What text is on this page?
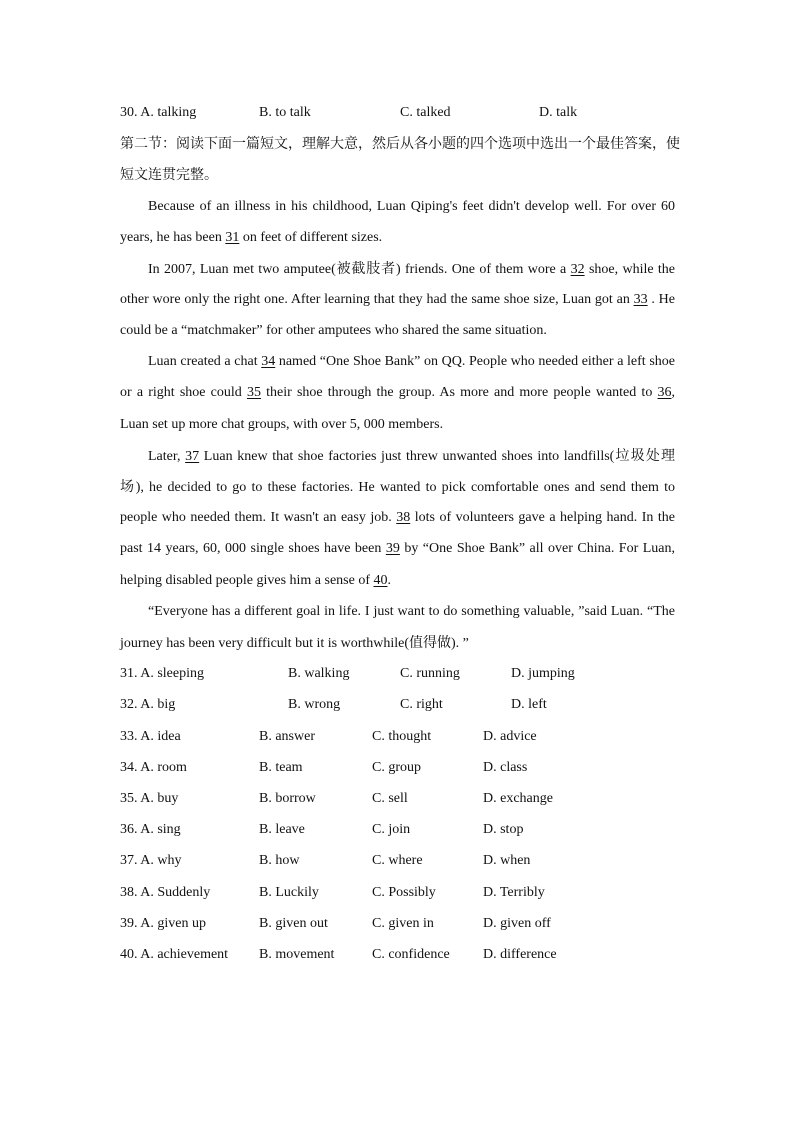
30. A. talking	B. to talk	C. talked	D. talk
第二节：阅读下面一篇短文，理解大意，然后从各小题的四个选项中选出一个最佳答案，使
短文连贯完整。
Because of an illness in his childhood, Luan Qiping's feet didn't develop well. For over 60
years, he has been 31 on feet of different sizes.
In 2007, Luan met two amputee(被截肢者) friends. One of them wore a 32 shoe, while the
other wore only the right one. After learning that they had the same shoe size, Luan got an 33 . He
could be a “matchmaker” for other amputees who shared the same situation.
Luan created a chat 34 named “One Shoe Bank” on QQ. People who needed either a left shoe
or a right shoe could 35 their shoe through the group. As more and more people wanted to 36,
Luan set up more chat groups, with over 5, 000 members.
Later, 37 Luan knew that shoe factories just threw unwanted shoes into landfills(垃圾处理
场), he decided to go to these factories. He wanted to pick comfortable ones and send them to
people who needed them. It wasn't an easy job. 38 lots of volunteers gave a helping hand. In the
past 14 years, 60, 000 single shoes have been 39 by “One Shoe Bank” all over China. For Luan,
helping disabled people gives him a sense of 40.
“Everyone has a different goal in life. I just want to do something valuable, ”said Luan. “The
journey has been very difficult but it is worthwhile(值得做). ”
31. A. sleeping	B. walking	C. running	D. jumping
32. A. big	B. wrong	C. right	D. left
33. A. idea	B. answer	C. thought	D. advice
34. A. room	B. team	C. group	D. class
35. A. buy	B. borrow	C. sell	D. exchange
36. A. sing	B. leave	C. join	D. stop
37. A. why	B. how	C. where	D. when
38. A. Suddenly	B. Luckily	C. Possibly	D. Terribly
39. A. given up	B. given out	C. given in	D. given off
40. A. achievement B. movement	C. confidence D. difference
